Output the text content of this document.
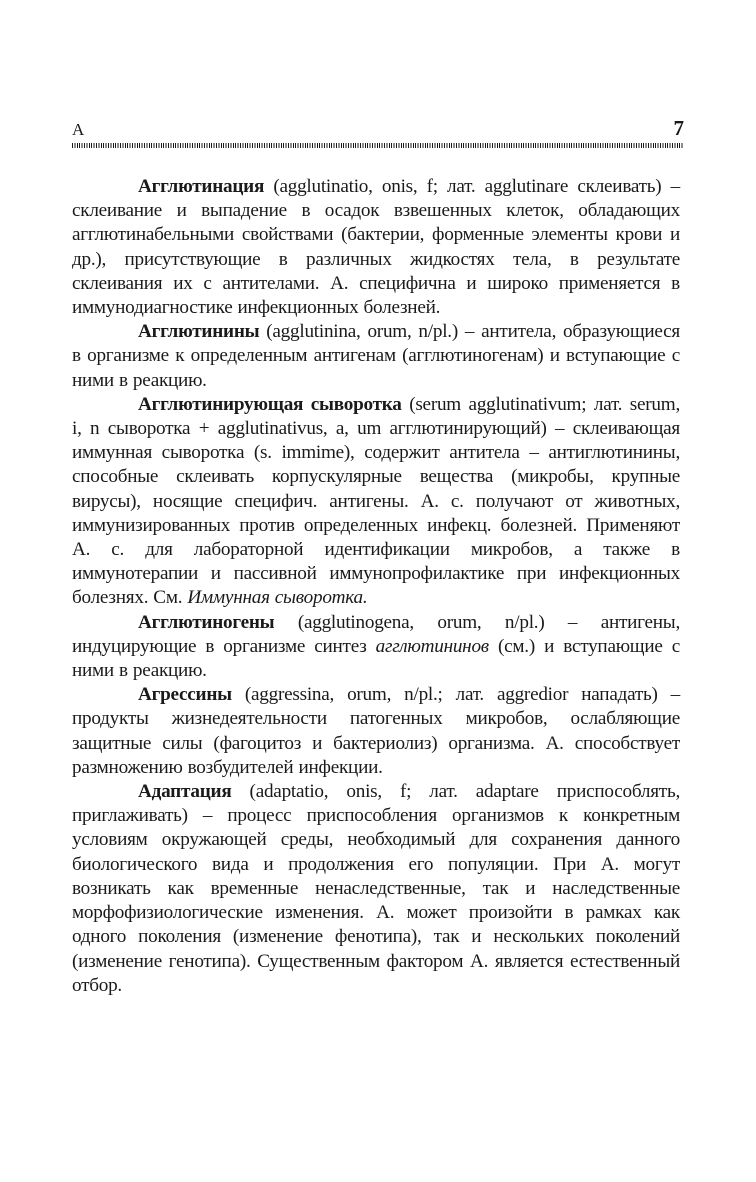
А	7

Агглютинация (agglutinatio, onis, f; лат. agglutinare склеивать) – склеивание и выпадение в осадок взвешенных клеток, обладающих агглютинабельными свойствами (бактерии, форменные элементы крови и др.), присутствующие в различных жидкостях тела, в результате склеивания их с антителами. А. специфична и широко применяется в иммунодиагностике инфекционных болезней.

Агглютинины (agglutinina, orum, n/pl.) – антитела, образующиеся в организме к определенным антигенам (агглютиногенам) и вступающие с ними в реакцию.

Агглютинирующая сыворотка (serum agglutinativum; лат. serum, i, n сыворотка + agglutinativus, a, um агглютинирующий) – склеивающая иммунная сыворотка (s. immime), содержит антитела – антиглютинины, способные склеивать корпускулярные вещества (микробы, крупные вирусы), носящие специфич. антигены. А. с. получают от животных, иммунизированных против определенных инфекц. болезней. Применяют А. с. для лабораторной идентификации микробов, а также в иммунотерапии и пассивной иммунопрофилактике при инфекционных болезнях. См. Иммунная сыворотка.

Агглютиногены (agglutinogena, orum, n/pl.) – антигены, индуцирующие в организме синтез агглютининов (см.) и вступающие с ними в реакцию.

Агрессины (aggressina, orum, n/pl.; лат. aggredior нападать) – продукты жизнедеятельности патогенных микробов, ослабляющие защитные силы (фагоцитоз и бактериолиз) организма. А. способствует размножению возбудителей инфекции.

Адаптация (adaptatio, onis, f; лат. adaptare приспособлять, приглаживать) – процесс приспособления организмов к конкретным условиям окружающей среды, необходимый для сохранения данного биологического вида и продолжения его популяции. При А. могут возникать как временные ненаследственные, так и наследственные морфофизиологические изменения. А. может произойти в рамках как одного поколения (изменение фенотипа), так и нескольких поколений (изменение генотипа). Существенным фактором А. является естественный отбор.
